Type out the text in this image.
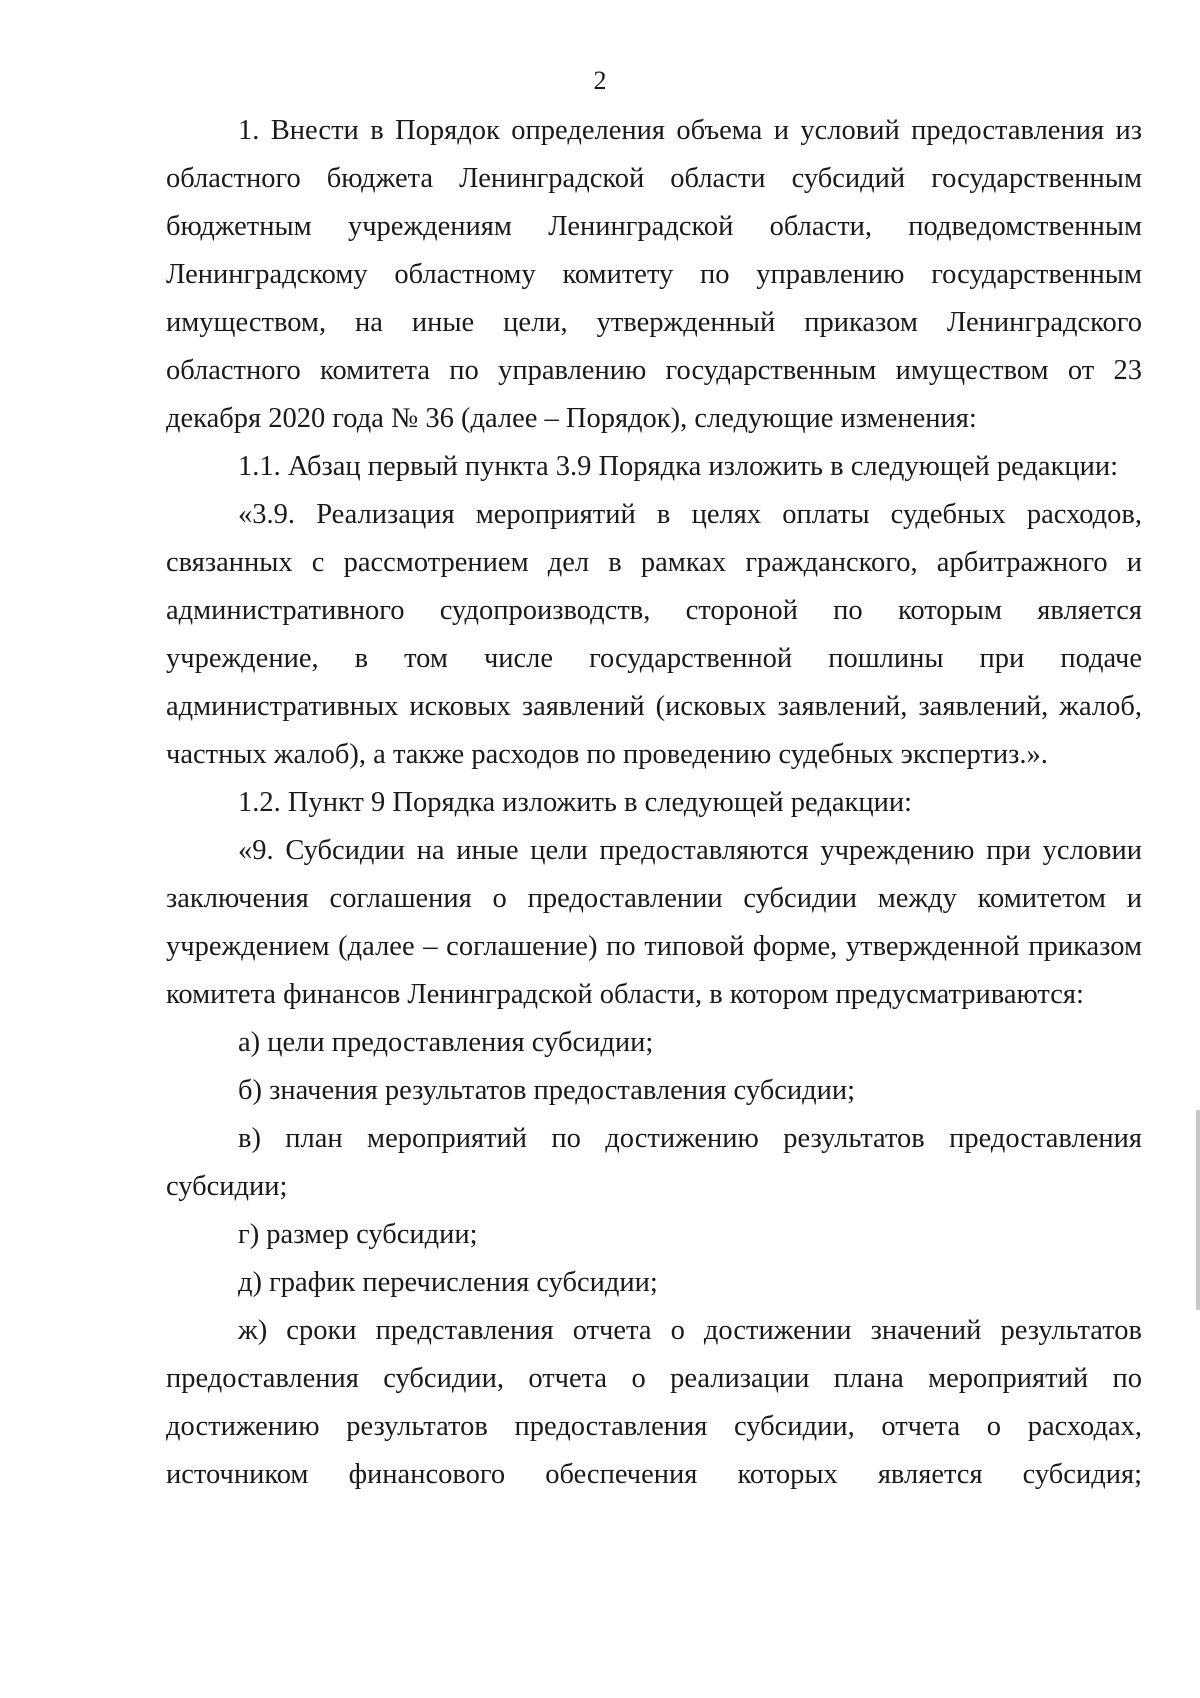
2

1. Внести в Порядок определения объема и условий предоставления из областного бюджета Ленинградской области субсидий государственным бюджетным учреждениям Ленинградской области, подведомственным Ленинградскому областному комитету по управлению государственным имуществом, на иные цели, утвержденный приказом Ленинградского областного комитета по управлению государственным имуществом от 23 декабря 2020 года № 36 (далее – Порядок), следующие изменения:

1.1. Абзац первый пункта 3.9 Порядка изложить в следующей редакции:

«3.9. Реализация мероприятий в целях оплаты судебных расходов, связанных с рассмотрением дел в рамках гражданского, арбитражного и административного судопроизводств, стороной по которым является учреждение, в том числе государственной пошлины при подаче административных исковых заявлений (исковых заявлений, заявлений, жалоб, частных жалоб), а также расходов по проведению судебных экспертиз.».

1.2. Пункт 9 Порядка изложить в следующей редакции:

«9. Субсидии на иные цели предоставляются учреждению при условии заключения соглашения о предоставлении субсидии между комитетом и учреждением (далее – соглашение) по типовой форме, утвержденной приказом комитета финансов Ленинградской области, в котором предусматриваются:

а) цели предоставления субсидии;

б) значения результатов предоставления субсидии;

в) план мероприятий по достижению результатов предоставления субсидии;

г) размер субсидии;

д) график перечисления субсидии;

ж) сроки представления отчета о достижении значений результатов предоставления субсидии, отчета о реализации плана мероприятий по достижению результатов предоставления субсидии, отчета о расходах, источником финансового обеспечения которых является субсидия;
